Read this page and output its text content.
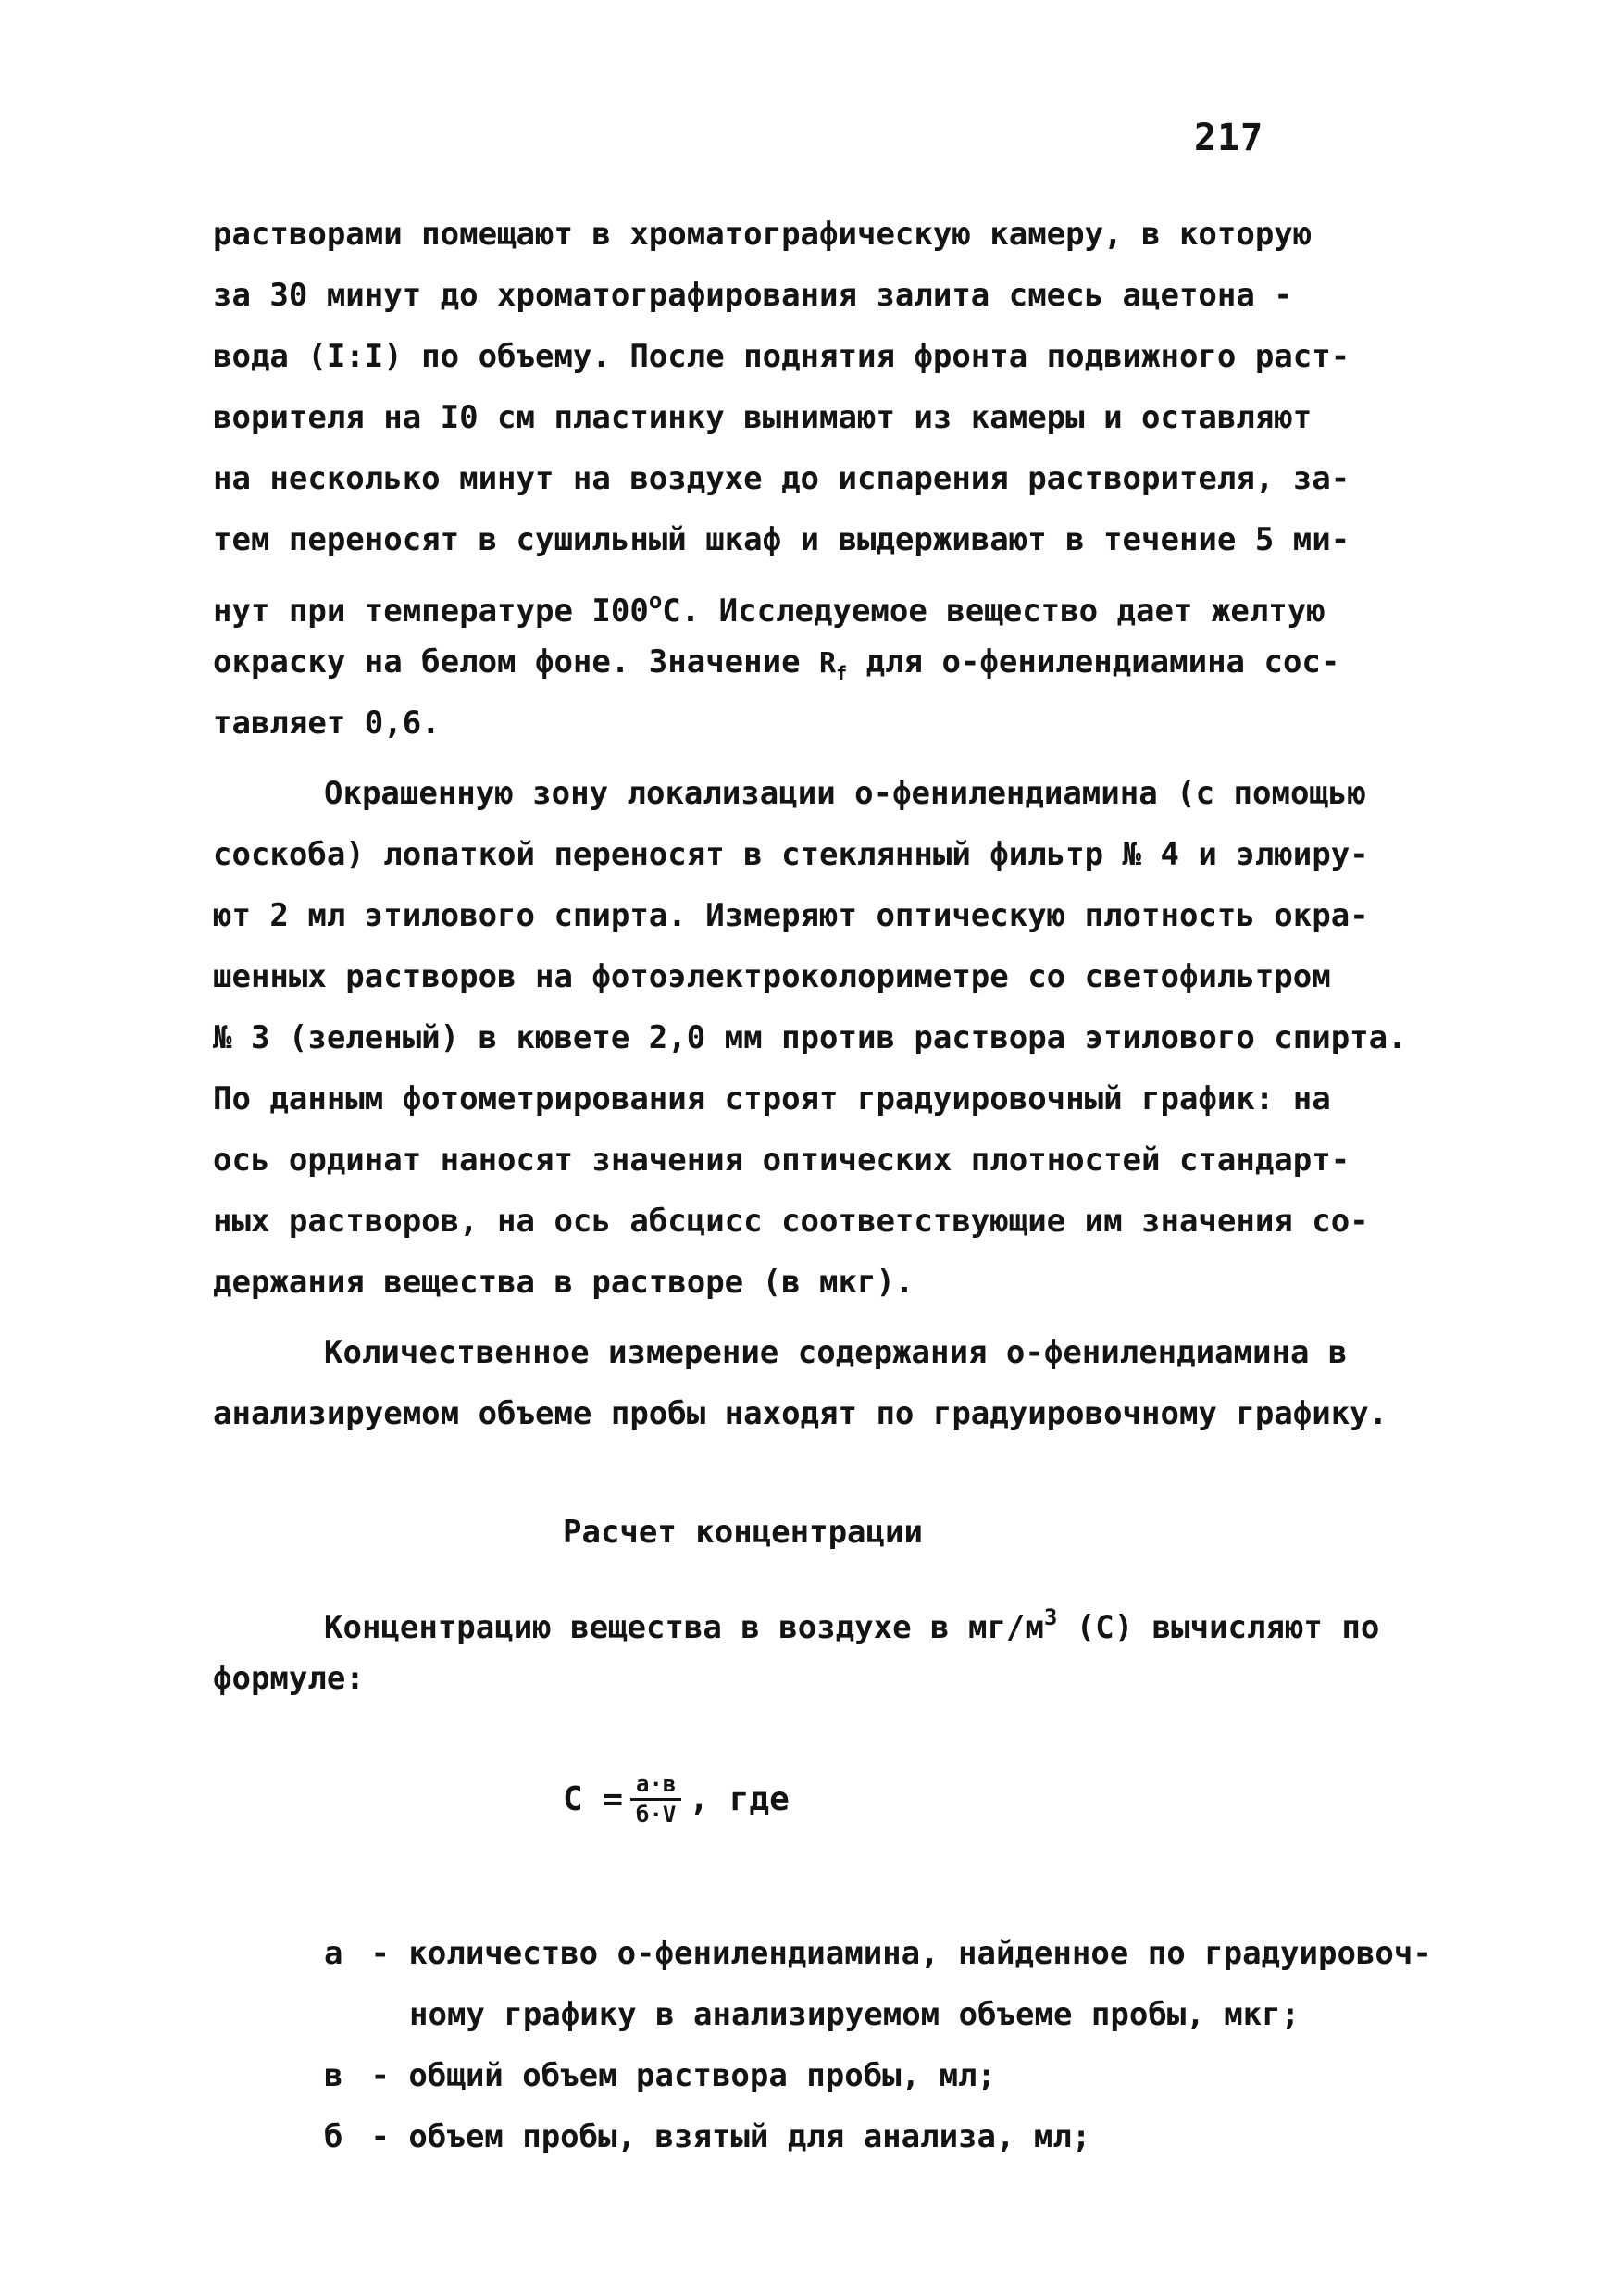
217
растворами помещают в хроматографическую камеру, в которую
за 30 минут до хроматографирования залита смесь ацетона -
вода (I:I) по объему. После поднятия фронта подвижного раст-
ворителя на I0 см пластинку вынимают из камеры и оставляют
на несколько минут на воздухе до испарения растворителя, за-
тем переносят в сушильный шкаф и выдерживают в течение 5 ми-
нут при температуре I00$^o$C. Исследуемое вещество дает желтую
окраску на белом фоне. Значение $R_f$ для о-фенилендиамина сос-
тавляет 0,6.
Окрашенную зону локализации о-фенилендиамина (с помощью
соскоба) лопаткой переносят в стеклянный фильтр № 4 и элюиру-
ют 2 мл этилового спирта. Измеряют оптическую плотность окра-
шенных растворов на фотоэлектроколориметре со светофильтром
№ 3 (зеленый) в кювете 2,0 мм против раствора этилового спирта.
По данным фотометрирования строят градуировочный график: на
ось ординат наносят значения оптических плотностей стандарт-
ных растворов, на ось абсцисс соответствующие им значения со-
держания вещества в растворе (в мкг).
Количественное измерение содержания о-фенилендиамина в
анализируемом объеме пробы находят по градуировочному графику.
Расчет концентрации
Концентрацию вещества в воздухе в $мг/м^3$ (С) вычисляют по
формуле:
$С = \frac{а\cdot в}{б\cdot V}$ , где
а - количество о-фенилендиамина, найденное по градуировоч-
ному графику в анализируемом объеме пробы, мкг;
в - общий объем раствора пробы, мл;
б - объем пробы, взятый для анализа, мл;
